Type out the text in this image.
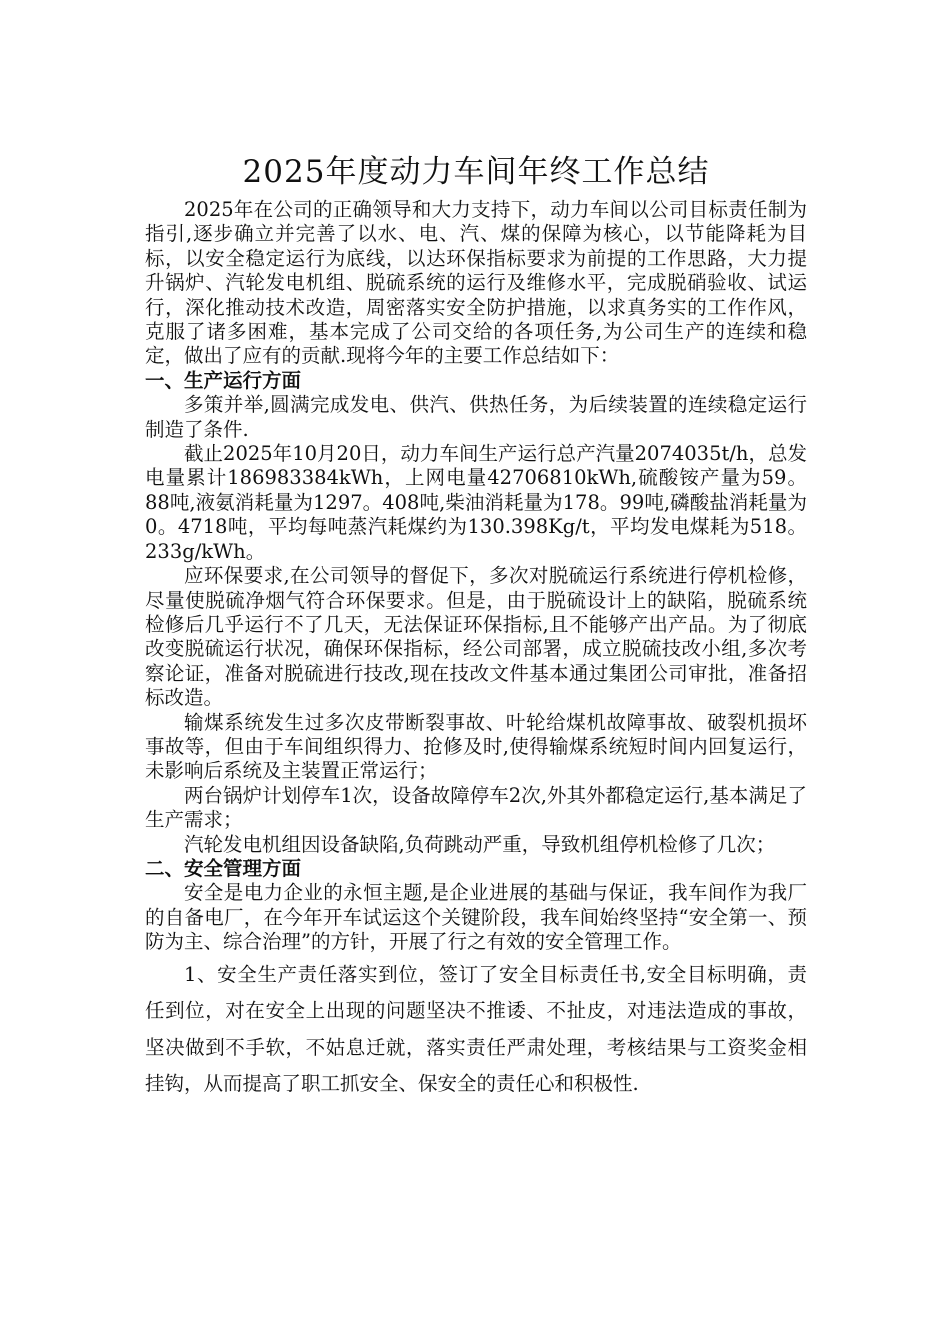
2025年度动力车间年终工作总结

2025年在公司的正确领导和大力支持下，动力车间以公司目标责任制为指引,逐步确立并完善了以水、电、汽、煤的保障为核心，以节能降耗为目标，以安全稳定运行为底线，以达环保指标要求为前提的工作思路，大力提升锅炉、汽轮发电机组、脱硫系统的运行及维修水平，完成脱硝验收、试运行，深化推动技术改造，周密落实安全防护措施，以求真务实的工作作风，克服了诸多困难，基本完成了公司交给的各项任务,为公司生产的连续和稳定，做出了应有的贡献.现将今年的主要工作总结如下：

一、生产运行方面

多策并举,圆满完成发电、供汽、供热任务，为后续装置的连续稳定运行制造了条件.

截止2025年10月20日，动力车间生产运行总产汽量2074035t/h，总发电量累计186983384kWh，上网电量42706810kWh,硫酸铵产量为59。88吨,液氨消耗量为1297。408吨,柴油消耗量为178。99吨,磷酸盐消耗量为0。4718吨，平均每吨蒸汽耗煤约为130.398Kg/t，平均发电煤耗为518。233g/kWh。

应环保要求,在公司领导的督促下，多次对脱硫运行系统进行停机检修，尽量使脱硫净烟气符合环保要求。但是，由于脱硫设计上的缺陷，脱硫系统检修后几乎运行不了几天，无法保证环保指标,且不能够产出产品。为了彻底改变脱硫运行状况，确保环保指标，经公司部署，成立脱硫技改小组,多次考察论证，准备对脱硫进行技改,现在技改文件基本通过集团公司审批，准备招标改造。

输煤系统发生过多次皮带断裂事故、叶轮给煤机故障事故、破裂机损坏事故等，但由于车间组织得力、抢修及时,使得输煤系统短时间内回复运行，未影响后系统及主装置正常运行；

两台锅炉计划停车1次，设备故障停车2次,外其外都稳定运行,基本满足了生产需求；

汽轮发电机组因设备缺陷,负荷跳动严重，导致机组停机检修了几次；

二、安全管理方面

安全是电力企业的永恒主题,是企业进展的基础与保证，我车间作为我厂的自备电厂，在今年开车试运这个关键阶段，我车间始终坚持“安全第一、预防为主、综合治理”的方针，开展了行之有效的安全管理工作。

1、安全生产责任落实到位，签订了安全目标责任书,安全目标明确，责任到位，对在安全上出现的问题坚决不推诿、不扯皮，对违法造成的事故，坚决做到不手软，不姑息迁就，落实责任严肃处理，考核结果与工资奖金相挂钩，从而提高了职工抓安全、保安全的责任心和积极性.
